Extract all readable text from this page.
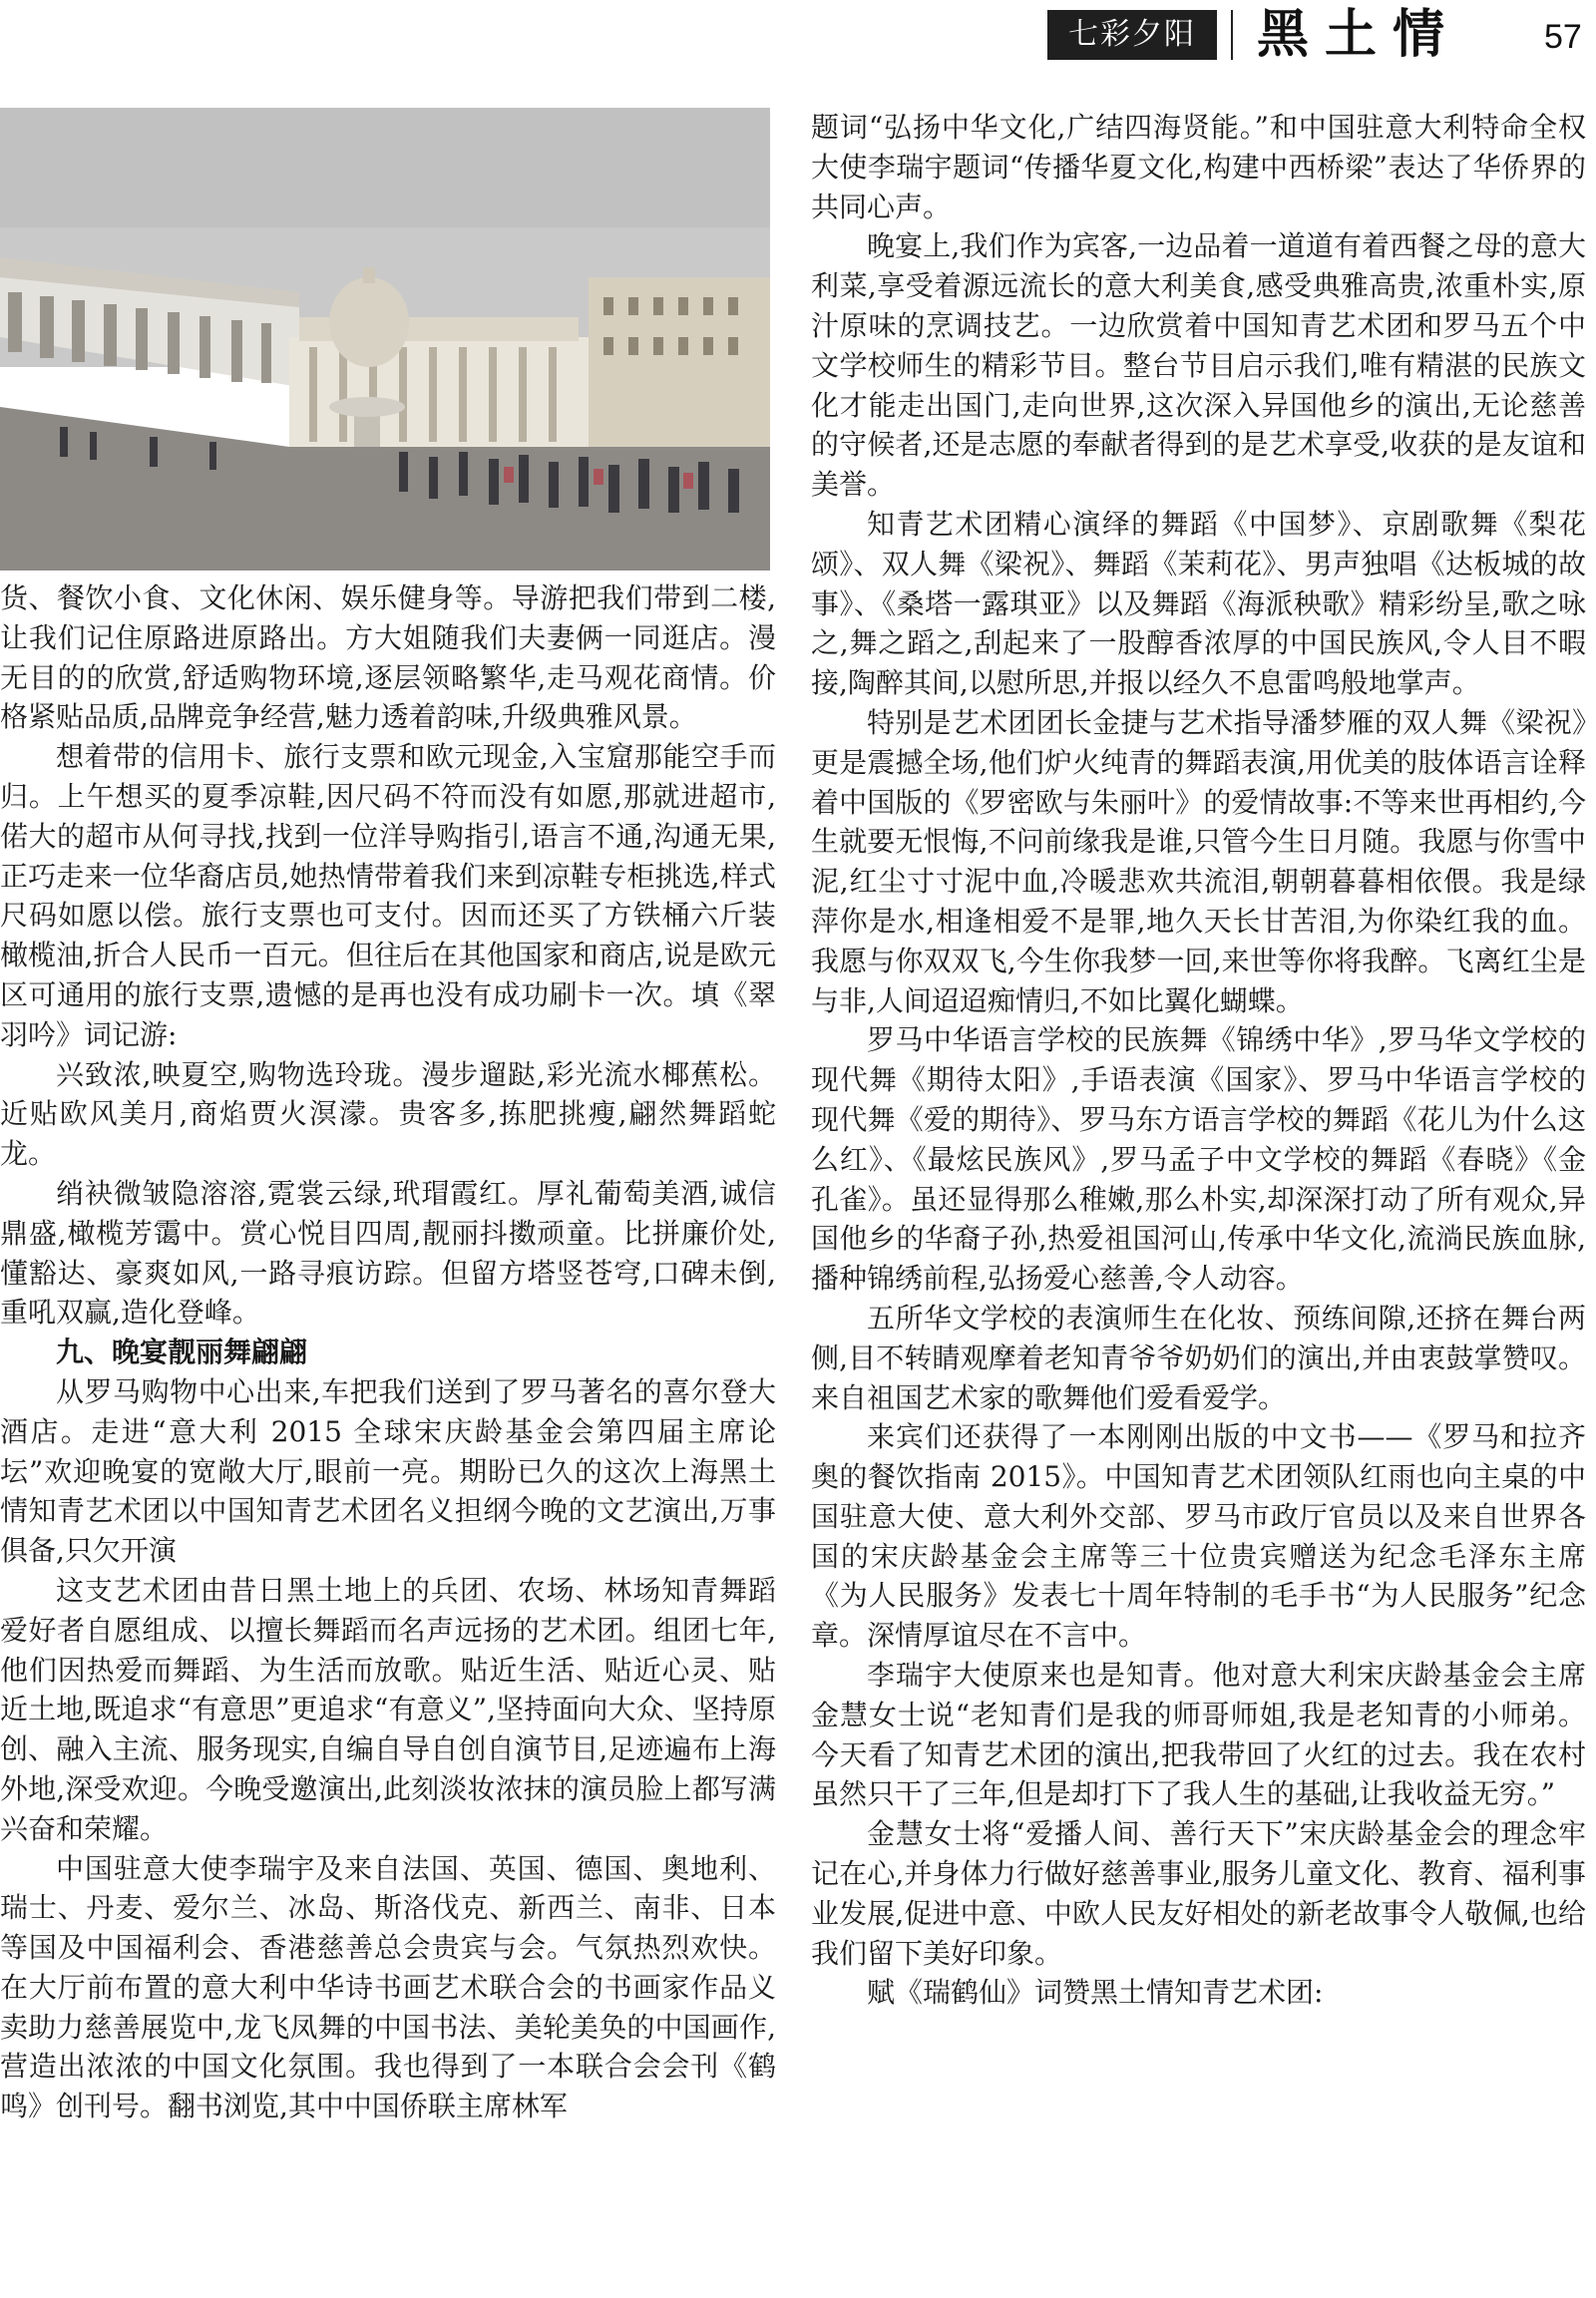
七彩夕阳	黑土情 57

货、餐饮小食、文化休闲、娱乐健身等。导游把我们带到二楼,让我们记住原路进原路出。方大姐随我们夫妻俩一同逛店。漫无目的的欣赏,舒适购物环境,逐层领略繁华,走马观花商情。价格紧贴品质,品牌竞争经营,魅力透着韵味,升级典雅风景。

想着带的信用卡、旅行支票和欧元现金,入宝窟那能空手而归。上午想买的夏季凉鞋,因尺码不符而没有如愿,那就进超市,偌大的超市从何寻找,找到一位洋导购指引,语言不通,沟通无果,正巧走来一位华裔店员,她热情带着我们来到凉鞋专柜挑选,样式尺码如愿以偿。旅行支票也可支付。因而还买了方铁桶六斤装橄榄油,折合人民币一百元。但往后在其他国家和商店,说是欧元区可通用的旅行支票,遗憾的是再也没有成功刷卡一次。填《翠羽吟》词记游:

兴致浓,映夏空,购物选玲珑。漫步遛跶,彩光流水椰蕉松。近贴欧风美月,商焰贾火溟濛。贵客多,拣肥挑瘦,翩然舞蹈蛇龙。

绡袂微皱隐溶溶,霓裳云绿,玳瑁霞红。厚礼葡萄美酒,诚信鼎盛,橄榄芳霭中。赏心悦目四周,靓丽抖擞顽童。比拼廉价处,懂豁达、豪爽如风,一路寻痕访踪。但留方塔竖苍穹,口碑未倒,重吼双赢,造化登峰。

九、晚宴靓丽舞翩翩

从罗马购物中心出来,车把我们送到了罗马著名的喜尔登大酒店。走进“意大利 2015 全球宋庆龄基金会第四届主席论坛”欢迎晚宴的宽敞大厅,眼前一亮。期盼已久的这次上海黑土情知青艺术团以中国知青艺术团名义担纲今晚的文艺演出,万事俱备,只欠开演

这支艺术团由昔日黑土地上的兵团、农场、林场知青舞蹈爱好者自愿组成、以擅长舞蹈而名声远扬的艺术团。组团七年,他们因热爱而舞蹈、为生活而放歌。贴近生活、贴近心灵、贴近土地,既追求“有意思”更追求“有意义”,坚持面向大众、坚持原创、融入主流、服务现实,自编自导自创自演节目,足迹遍布上海外地,深受欢迎。今晚受邀演出,此刻淡妆浓抹的演员脸上都写满兴奋和荣耀。

中国驻意大使李瑞宇及来自法国、英国、德国、奥地利、瑞士、丹麦、爱尔兰、冰岛、斯洛伐克、新西兰、南非、日本等国及中国福利会、香港慈善总会贵宾与会。气氛热烈欢快。在大厅前布置的意大利中华诗书画艺术联合会的书画家作品义卖助力慈善展览中,龙飞凤舞的中国书法、美轮美奂的中国画作,营造出浓浓的中国文化氛围。我也得到了一本联合会会刊《鹤鸣》创刊号。翻书浏览,其中中国侨联主席林军

题词“弘扬中华文化,广结四海贤能。”和中国驻意大利特命全权大使李瑞宇题词“传播华夏文化,构建中西桥梁”表达了华侨界的共同心声。

晚宴上,我们作为宾客,一边品着一道道有着西餐之母的意大利菜,享受着源远流长的意大利美食,感受典雅高贵,浓重朴实,原汁原味的烹调技艺。一边欣赏着中国知青艺术团和罗马五个中文学校师生的精彩节目。整台节目启示我们,唯有精湛的民族文化才能走出国门,走向世界,这次深入异国他乡的演出,无论慈善的守候者,还是志愿的奉献者得到的是艺术享受,收获的是友谊和美誉。

知青艺术团精心演绎的舞蹈《中国梦》、京剧歌舞《梨花颂》、双人舞《梁祝》、舞蹈《茉莉花》、男声独唱《达板城的故事》、《桑塔一露琪亚》以及舞蹈《海派秧歌》精彩纷呈,歌之咏之,舞之蹈之,刮起来了一股醇香浓厚的中国民族风,令人目不暇接,陶醉其间,以慰所思,并报以经久不息雷鸣般地掌声。

特别是艺术团团长金捷与艺术指导潘梦雁的双人舞《梁祝》更是震撼全场,他们炉火纯青的舞蹈表演,用优美的肢体语言诠释着中国版的《罗密欧与朱丽叶》的爱情故事:不等来世再相约,今生就要无恨悔,不问前缘我是谁,只管今生日月随。我愿与你雪中泥,红尘寸寸泥中血,冷暖悲欢共流泪,朝朝暮暮相依偎。我是绿萍你是水,相逢相爱不是罪,地久天长甘苦泪,为你染红我的血。我愿与你双双飞,今生你我梦一回,来世等你将我醉。飞离红尘是与非,人间迢迢痴情归,不如比翼化蝴蝶。

罗马中华语言学校的民族舞《锦绣中华》,罗马华文学校的现代舞《期待太阳》,手语表演《国家》、罗马中华语言学校的现代舞《爱的期待》、罗马东方语言学校的舞蹈《花儿为什么这么红》、《最炫民族风》,罗马孟子中文学校的舞蹈《春晓》《金孔雀》。虽还显得那么稚嫩,那么朴实,却深深打动了所有观众,异国他乡的华裔子孙,热爱祖国河山,传承中华文化,流淌民族血脉,播种锦绣前程,弘扬爱心慈善,令人动容。

五所华文学校的表演师生在化妆、预练间隙,还挤在舞台两侧,目不转睛观摩着老知青爷爷奶奶们的演出,并由衷鼓掌赞叹。来自祖国艺术家的歌舞他们爱看爱学。

来宾们还获得了一本刚刚出版的中文书——《罗马和拉齐奥的餐饮指南 2015》。中国知青艺术团领队红雨也向主桌的中国驻意大使、意大利外交部、罗马市政厅官员以及来自世界各国的宋庆龄基金会主席等三十位贵宾赠送为纪念毛泽东主席《为人民服务》发表七十周年特制的毛手书“为人民服务”纪念章。深情厚谊尽在不言中。

李瑞宇大使原来也是知青。他对意大利宋庆龄基金会主席金慧女士说“老知青们是我的师哥师姐,我是老知青的小师弟。今天看了知青艺术团的演出,把我带回了火红的过去。我在农村虽然只干了三年,但是却打下了我人生的基础,让我收益无穷。”

金慧女士将“爱播人间、善行天下”宋庆龄基金会的理念牢记在心,并身体力行做好慈善事业,服务儿童文化、教育、福利事业发展,促进中意、中欧人民友好相处的新老故事令人敬佩,也给我们留下美好印象。

赋《瑞鹤仙》词赞黑土情知青艺术团:
